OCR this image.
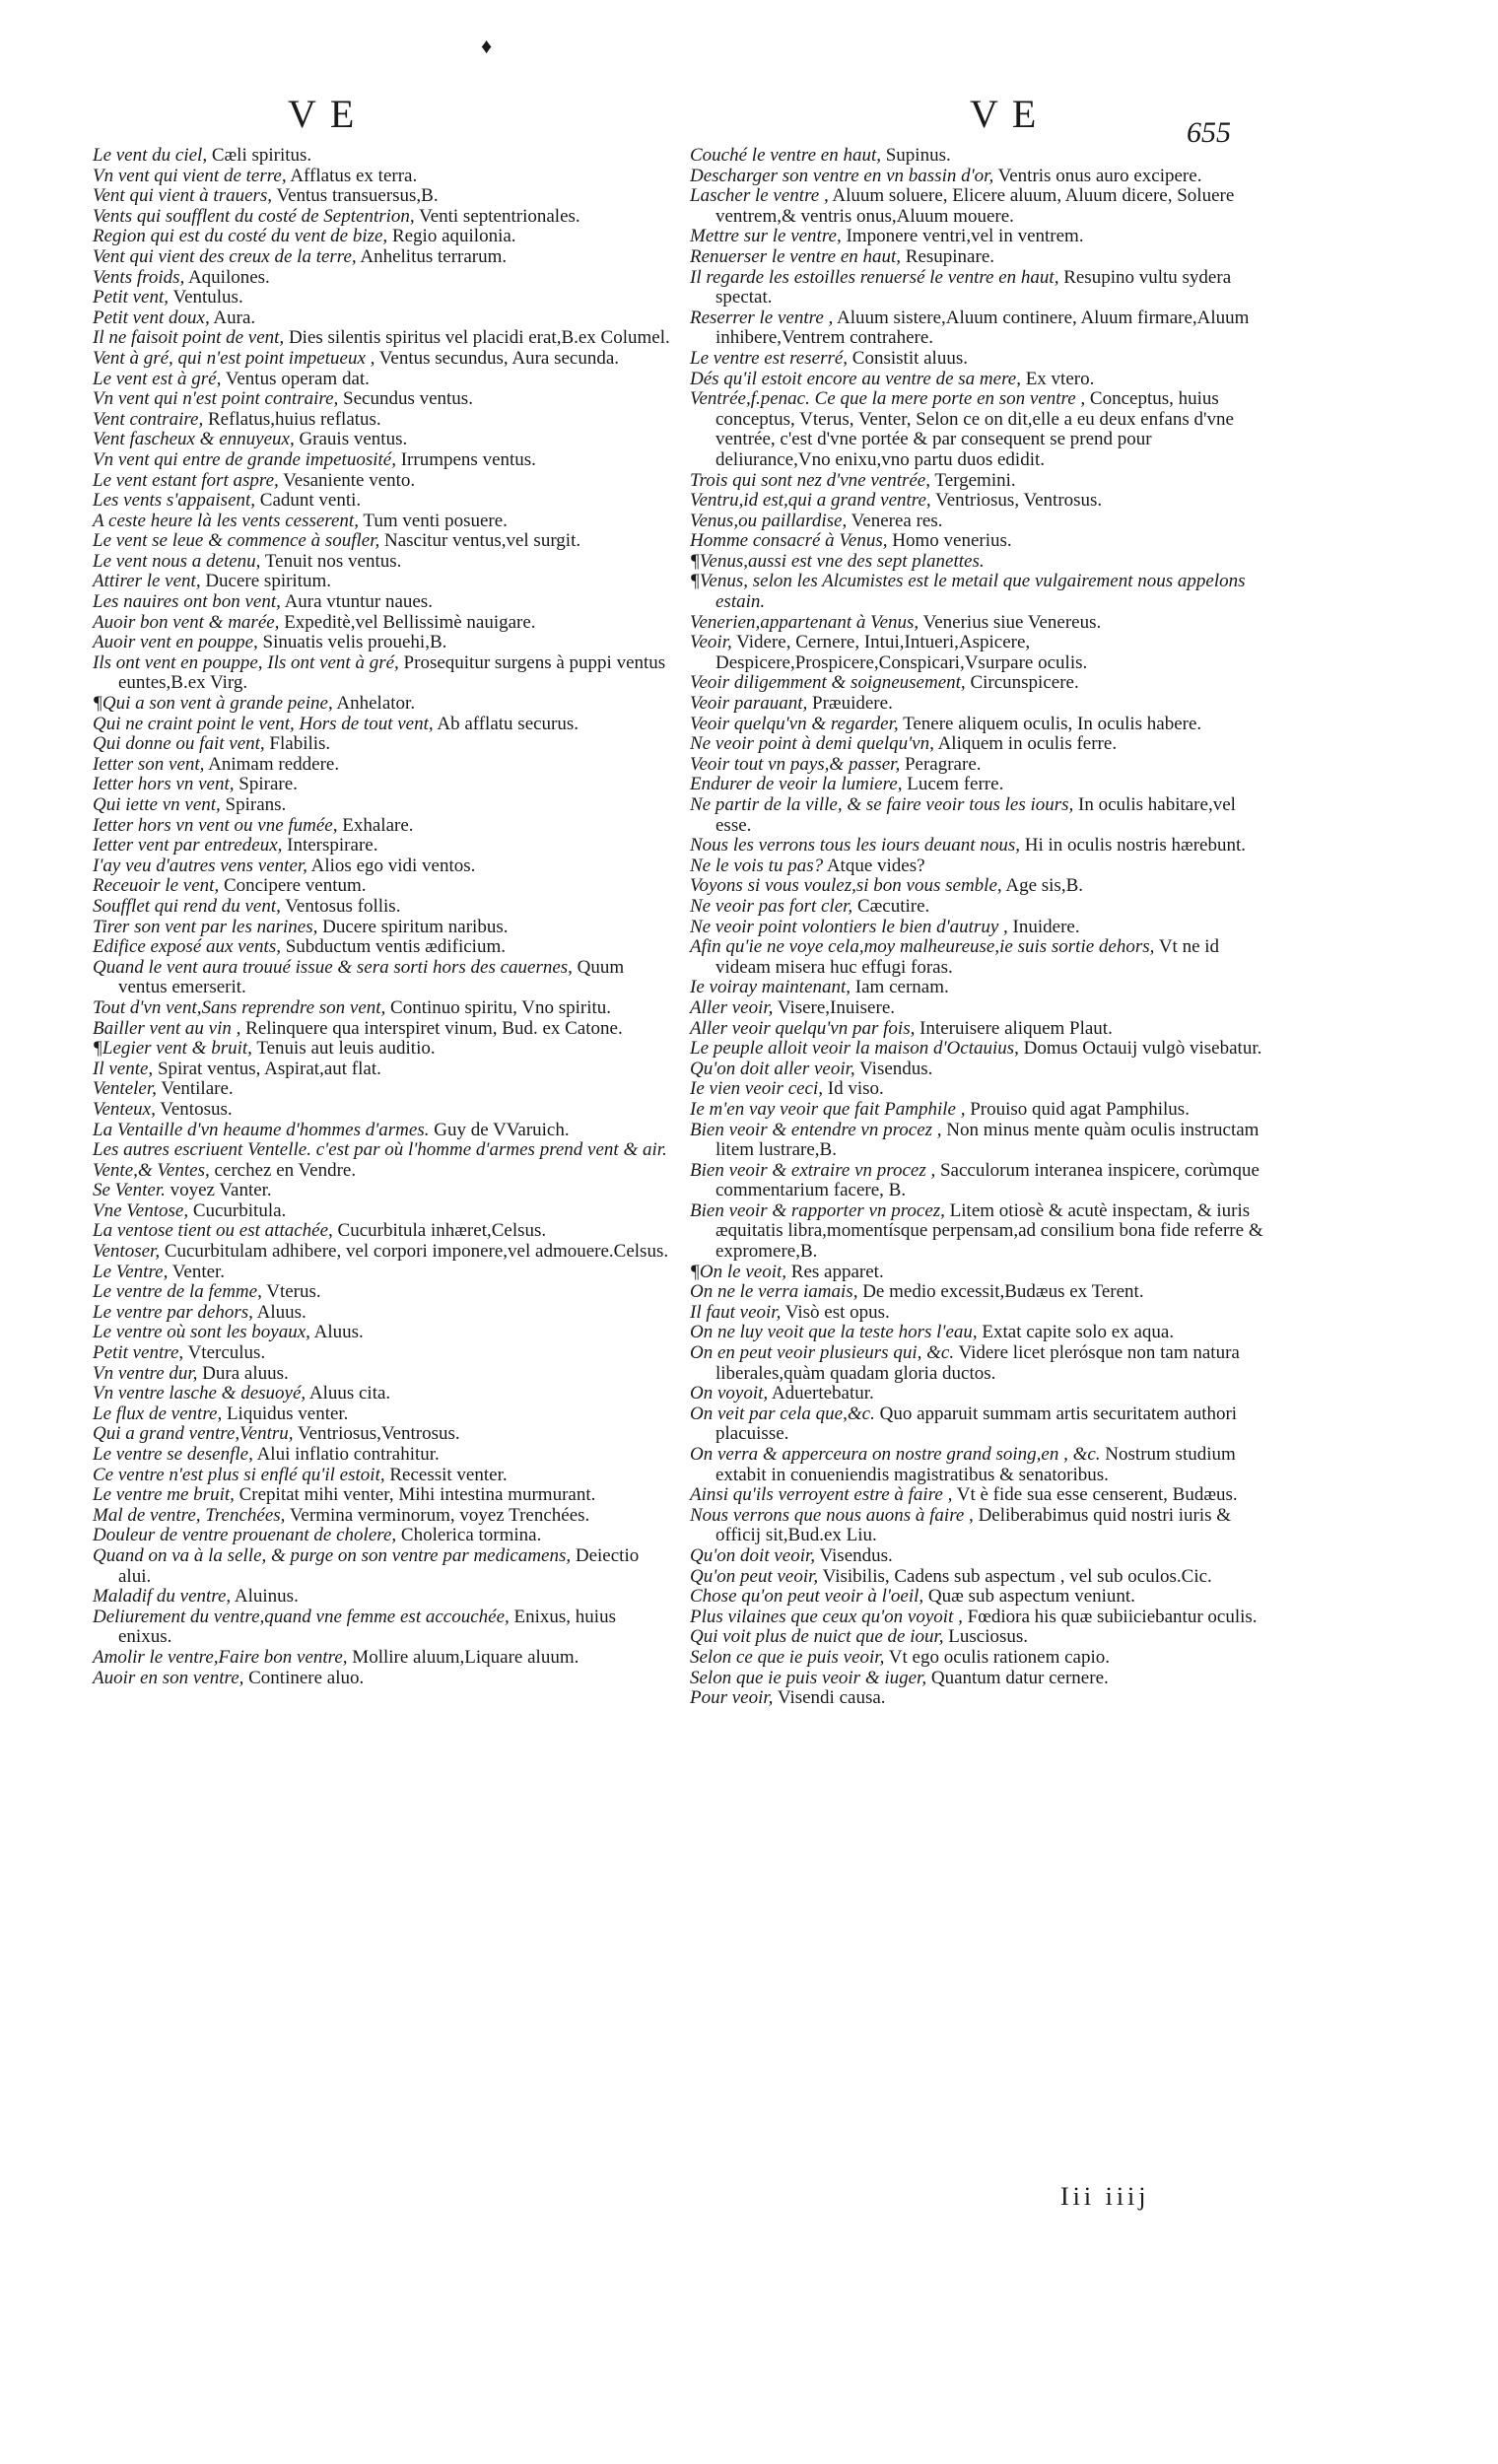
♦
VE	VE	655

Le vent du ciel, Cæli spiritus.

Vn vent qui vient de terre, Afflatus ex terra.

Vent qui vient à trauers, Ventus transuersus,B.

Vents qui soufflent du costé de Septentrion, Venti septentrionales.

Region qui est du costé du vent de bize, Regio aquilonia.

Vent qui vient des creux de la terre, Anhelitus terrarum.

Vents froids, Aquilones.

Petit vent, Ventulus.

Petit vent doux, Aura.

Il ne faisoit point de vent, Dies silentis spiritus vel placidi erat,B.ex Columel.

Vent à gré, qui n'est point impetueux , Ventus secundus, Aura secunda.

Le vent est à gré, Ventus operam dat.

Vn vent qui n'est point contraire, Secundus ventus.

Vent contraire, Reflatus,huius reflatus.

Vent fascheux & ennuyeux, Grauis ventus.

Vn vent qui entre de grande impetuosité, Irrumpens ventus.

Le vent estant fort aspre, Vesaniente vento.

Les vents s'appaisent, Cadunt venti.

A ceste heure là les vents cesserent, Tum venti posuere.

Le vent se leue & commence à soufler, Nascitur ventus,vel surgit.

Le vent nous a detenu, Tenuit nos ventus.

Attirer le vent, Ducere spiritum.

Les nauires ont bon vent, Aura vtuntur naues.

Auoir bon vent & marée, Expeditè,vel Bellissimè nauigare.

Auoir vent en pouppe, Sinuatis velis prouehi,B.

Ils ont vent en pouppe, Ils ont vent à gré, Prosequitur surgens à puppi ventus euntes,B.ex Virg.

¶Qui a son vent à grande peine, Anhelator.

Qui ne craint point le vent, Hors de tout vent, Ab afflatu securus.

Qui donne ou fait vent, Flabilis.

Ietter son vent, Animam reddere.

Ietter hors vn vent, Spirare.

Qui iette vn vent, Spirans.

Ietter hors vn vent ou vne fumée, Exhalare.

Ietter vent par entredeux, Interspirare.

I'ay veu d'autres vens venter, Alios ego vidi ventos.

Receuoir le vent, Concipere ventum.

Soufflet qui rend du vent, Ventosus follis.

Tirer son vent par les narines, Ducere spiritum naribus.

Edifice exposé aux vents, Subductum ventis ædificium.

Quand le vent aura trouué issue & sera sorti hors des cauernes, Quum ventus emerserit.

Tout d'vn vent,Sans reprendre son vent, Continuo spiritu, Vno spiritu.

Bailler vent au vin , Relinquere qua interspiret vinum, Bud. ex Catone.

¶Legier vent & bruit, Tenuis aut leuis auditio.

Il vente, Spirat ventus, Aspirat,aut flat.

Venteler, Ventilare.

Venteux, Ventosus.

La Ventaille d'vn heaume d'hommes d'armes. Guy de VVaruich.

Les autres escriuent Ventelle. c'est par où l'homme d'armes prend vent & air.

Vente,& Ventes, cerchez en Vendre.

Se Venter. voyez Vanter.

Vne Ventose, Cucurbitula.

La ventose tient ou est attachée, Cucurbitula inhæret,Celsus.

Ventoser, Cucurbitulam adhibere, vel corpori imponere,vel admouere.Celsus.

Le Ventre, Venter.

Le ventre de la femme, Vterus.

Le ventre par dehors, Aluus.

Le ventre où sont les boyaux, Aluus.

Petit ventre, Vterculus.

Vn ventre dur, Dura aluus.

Vn ventre lasche & desuoyé, Aluus cita.

Le flux de ventre, Liquidus venter.

Qui a grand ventre,Ventru, Ventriosus,Ventrosus.

Le ventre se desenfle, Alui inflatio contrahitur.

Ce ventre n'est plus si enflé qu'il estoit, Recessit venter.

Le ventre me bruit, Crepitat mihi venter, Mihi intestina murmurant.

Mal de ventre, Trenchées, Vermina verminorum, voyez Trenchées.

Douleur de ventre prouenant de cholere, Cholerica tormina.

Quand on va à la selle, & purge on son ventre par medicamens, Deiectio alui.

Maladif du ventre, Aluinus.

Deliurement du ventre,quand vne femme est accouchée, Enixus, huius enixus.

Amolir le ventre,Faire bon ventre, Mollire aluum,Liquare aluum.

Auoir en son ventre, Continere aluo.

Couché le ventre en haut, Supinus.

Descharger son ventre en vn bassin d'or, Ventris onus auro excipere.

Lascher le ventre , Aluum soluere, Elicere aluum, Aluum dicere, Soluere ventrem,& ventris onus,Aluum mouere.

Mettre sur le ventre, Imponere ventri,vel in ventrem.

Renuerser le ventre en haut, Resupinare.

Il regarde les estoilles renuersé le ventre en haut, Resupino vultu sydera spectat.

Reserrer le ventre , Aluum sistere,Aluum continere, Aluum firmare,Aluum inhibere,Ventrem contrahere.

Le ventre est reserré, Consistit aluus.

Dés qu'il estoit encore au ventre de sa mere, Ex vtero.

Ventrée,f.penac. Ce que la mere porte en son ventre , Conceptus, huius conceptus, Vterus, Venter, Selon ce on dit,elle a eu deux enfans d'vne ventrée, c'est d'vne portée & par consequent se prend pour deliurance,Vno enixu,vno partu duos edidit.

Trois qui sont nez d'vne ventrée, Tergemini.

Ventru,id est,qui a grand ventre, Ventriosus, Ventrosus.

Venus,ou paillardise, Venerea res.

Homme consacré à Venus, Homo venerius.

¶Venus,aussi est vne des sept planettes.

¶Venus, selon les Alcumistes est le metail que vulgairement nous appelons estain.

Venerien,appartenant à Venus, Venerius siue Venereus.

Veoir, Videre, Cernere, Intui,Intueri,Aspicere, Despicere,Prospicere,Conspicari,Vsurpare oculis.

Veoir diligemment & soigneusement, Circunspicere.

Veoir parauant, Præuidere.

Veoir quelqu'vn & regarder, Tenere aliquem oculis, In oculis habere.

Ne veoir point à demi quelqu'vn, Aliquem in oculis ferre.

Veoir tout vn pays,& passer, Peragrare.

Endurer de veoir la lumiere, Lucem ferre.

Ne partir de la ville, & se faire veoir tous les iours, In oculis habitare,vel esse.

Nous les verrons tous les iours deuant nous, Hi in oculis nostris hærebunt.

Ne le vois tu pas? Atque vides?

Voyons si vous voulez,si bon vous semble, Age sis,B.

Ne veoir pas fort cler, Cæcutire.

Ne veoir point volontiers le bien d'autruy , Inuidere.

Afin qu'ie ne voye cela,moy malheureuse,ie suis sortie dehors, Vt ne id videam misera huc effugi foras.

Ie voiray maintenant, Iam cernam.

Aller veoir, Visere,Inuisere.

Aller veoir quelqu'vn par fois, Interuisere aliquem Plaut.

Le peuple alloit veoir la maison d'Octauius, Domus Octauij vulgò visebatur.

Qu'on doit aller veoir, Visendus.

Ie vien veoir ceci, Id viso.

Ie m'en vay veoir que fait Pamphile , Prouiso quid agat Pamphilus.

Bien veoir & entendre vn procez , Non minus mente quàm oculis instructam litem lustrare,B.

Bien veoir & extraire vn procez , Sacculorum interanea inspicere, corùmque commentarium facere, B.

Bien veoir & rapporter vn procez, Litem otiosè & acutè inspectam, & iuris æquitatis libra,momentísque perpensam,ad consilium bona fide referre & expromere,B.

¶On le veoit, Res apparet.

On ne le verra iamais, De medio excessit,Budæus ex Terent.

Il faut veoir, Visò est opus.

On ne luy veoit que la teste hors l'eau, Extat capite solo ex aqua.

On en peut veoir plusieurs qui, &c. Videre licet plerósque non tam natura liberales,quàm quadam gloria ductos.

On voyoit, Aduertebatur.

On veit par cela que,&c. Quo apparuit summam artis securitatem authori placuisse.

On verra & apperceura on nostre grand soing,en , &c. Nostrum studium extabit in conueniendis magistratibus & senatoribus.

Ainsi qu'ils verroyent estre à faire , Vt è fide sua esse censerent, Budæus.

Nous verrons que nous auons à faire , Deliberabimus quid nostri iuris & officij sit,Bud.ex Liu.

Qu'on doit veoir, Visendus.

Qu'on peut veoir, Visibilis, Cadens sub aspectum , vel sub oculos.Cic.

Chose qu'on peut veoir à l'oeil, Quæ sub aspectum veniunt.

Plus vilaines que ceux qu'on voyoit , Fœdiora his quæ subiiciebantur oculis.

Qui voit plus de nuict que de iour, Lusciosus.

Selon ce que ie puis veoir, Vt ego oculis rationem capio.

Selon que ie puis veoir & iuger, Quantum datur cernere.

Pour veoir, Visendi causa.

Iii iiij
